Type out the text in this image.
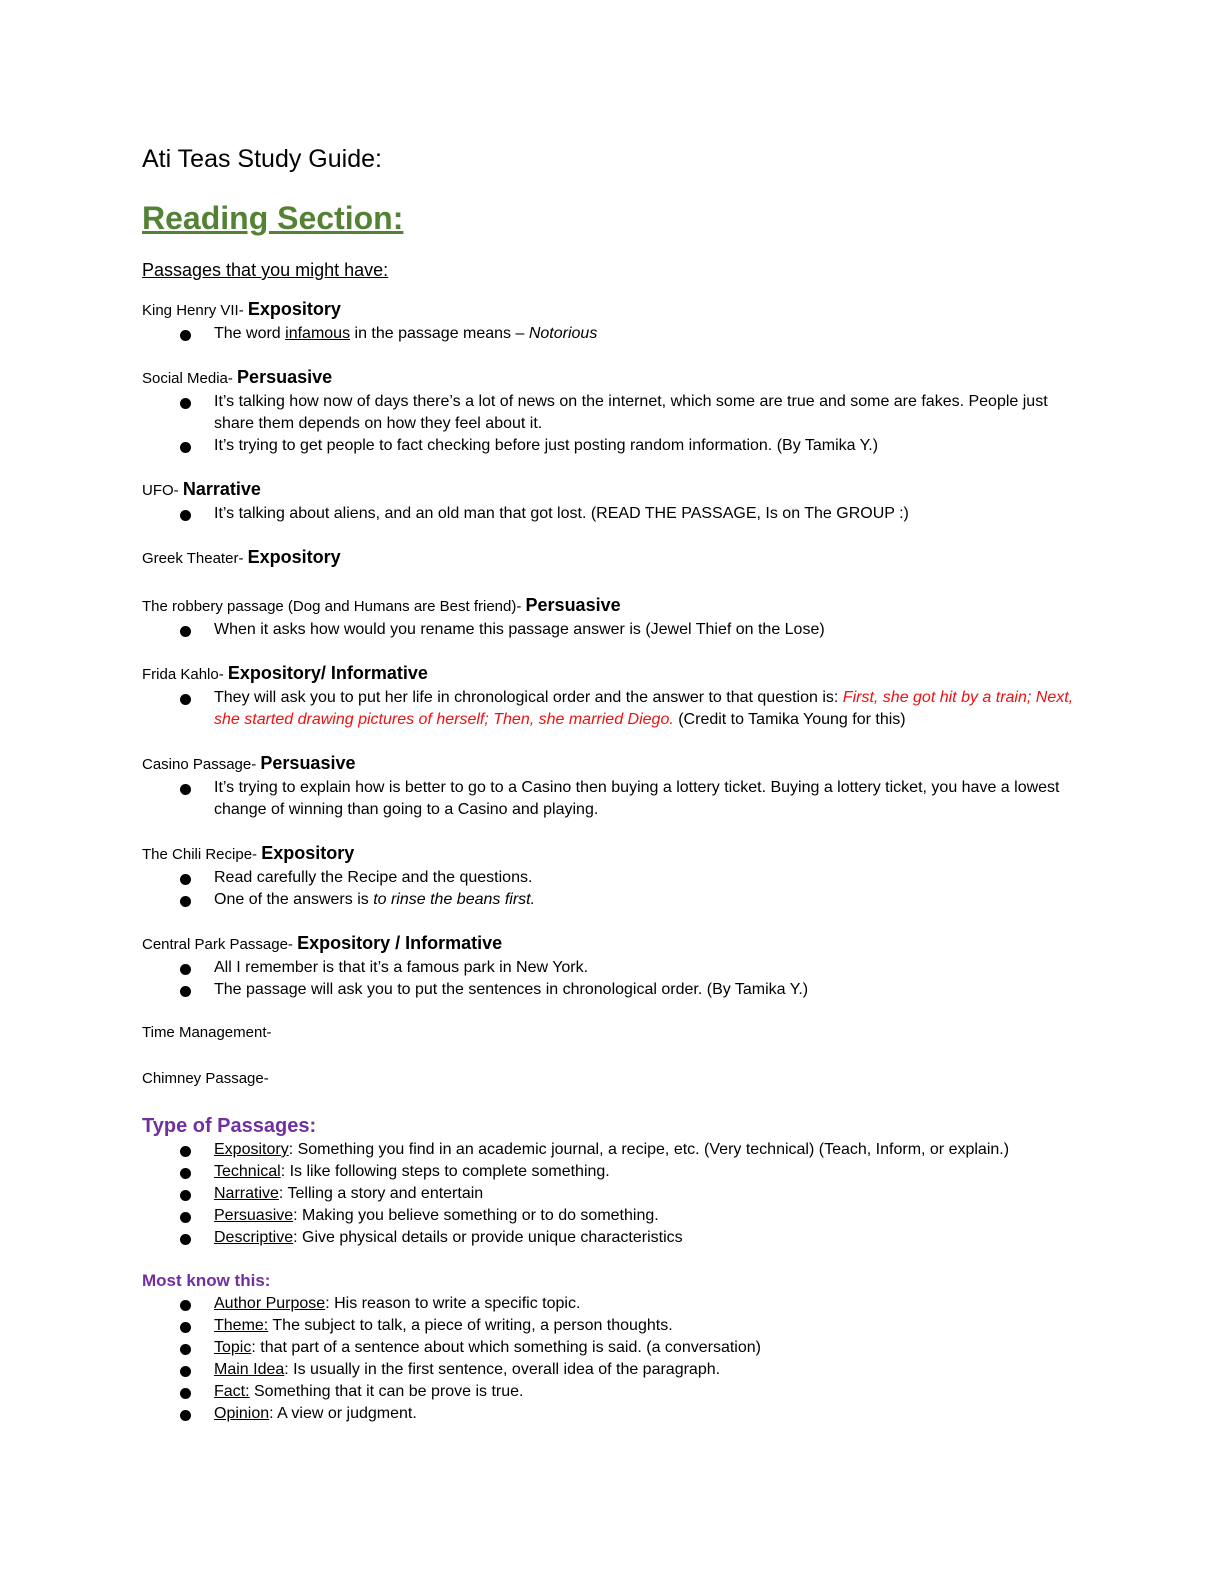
Ati Teas Study Guide:
Reading Section:
Passages that you might have:
King Henry VII- Expository
The word infamous in the passage means – Notorious
Social Media- Persuasive
It’s talking how now of days there’s a lot of news on the internet, which some are true and some are fakes. People just share them depends on how they feel about it.
It’s trying to get people to fact checking before just posting random information. (By Tamika Y.)
UFO- Narrative
It’s talking about aliens, and an old man that got lost. (READ THE PASSAGE, Is on The GROUP :)
Greek Theater- Expository
The robbery passage (Dog and Humans are Best friend)- Persuasive
When it asks how would you rename this passage answer is (Jewel Thief on the Lose)
Frida Kahlo- Expository/ Informative
They will ask you to put her life in chronological order and the answer to that question is: First, she got hit by a train; Next, she started drawing pictures of herself; Then, she married Diego. (Credit to Tamika Young for this)
Casino Passage- Persuasive
It’s trying to explain how is better to go to a Casino then buying a lottery ticket. Buying a lottery ticket, you have a lowest change of winning than going to a Casino and playing.
The Chili Recipe- Expository
Read carefully the Recipe and the questions.
One of the answers is to rinse the beans first.
Central Park Passage- Expository / Informative
All I remember is that it’s a famous park in New York.
The passage will ask you to put the sentences in chronological order. (By Tamika Y.)
Time Management-
Chimney Passage-
Type of Passages:
Expository: Something you find in an academic journal, a recipe, etc. (Very technical) (Teach, Inform, or explain.)
Technical: Is like following steps to complete something.
Narrative: Telling a story and entertain
Persuasive: Making you believe something or to do something.
Descriptive: Give physical details or provide unique characteristics
Most know this:
Author Purpose: His reason to write a specific topic.
Theme: The subject to talk, a piece of writing, a person thoughts.
Topic: that part of a sentence about which something is said. (a conversation)
Main Idea: Is usually in the first sentence, overall idea of the paragraph.
Fact: Something that it can be prove is true.
Opinion: A view or judgment.
